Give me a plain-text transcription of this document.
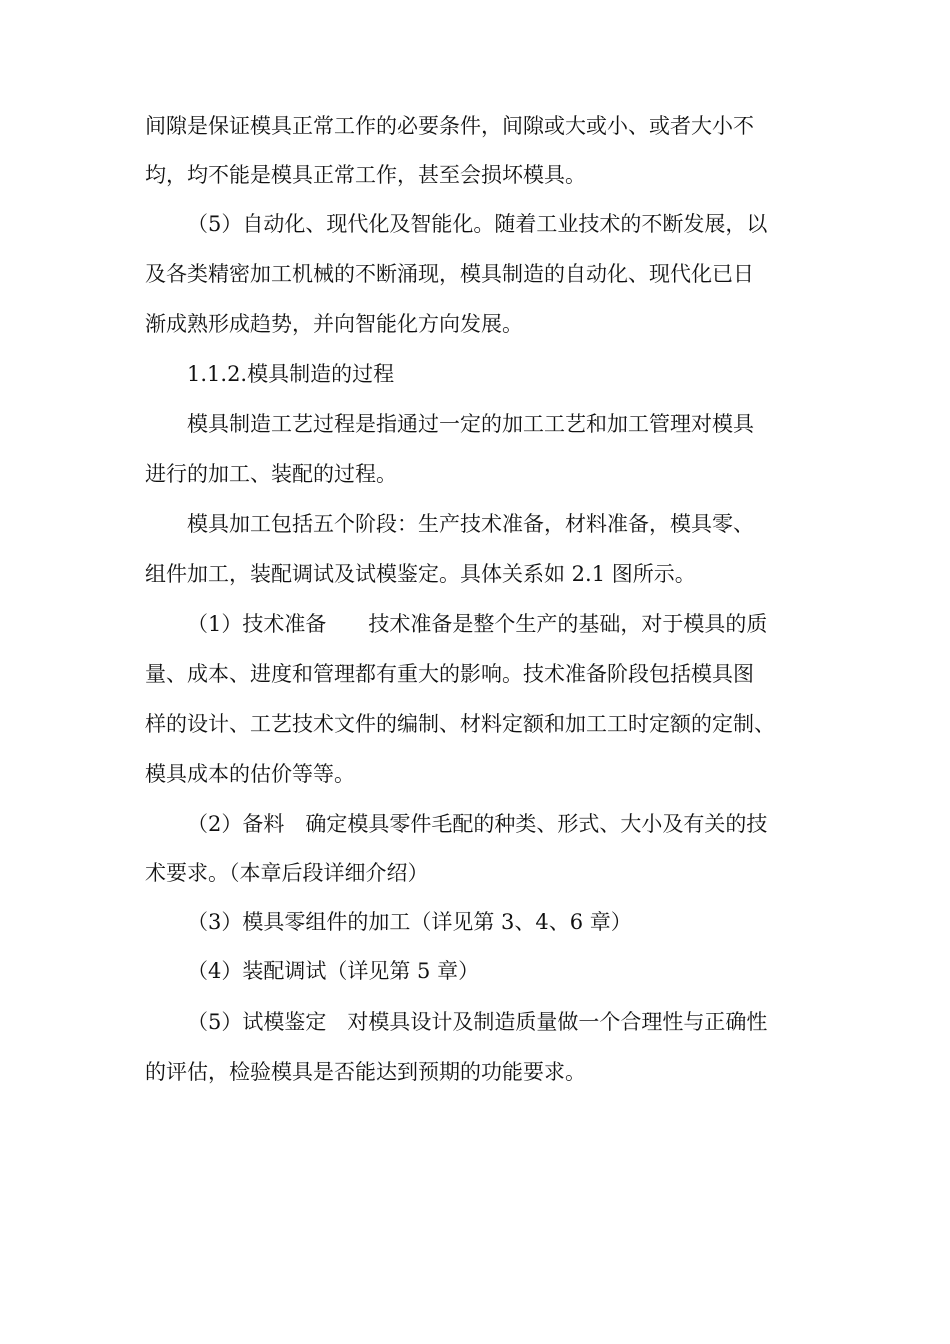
间隙是保证模具正常工作的必要条件，间隙或大或小、或者大小不
均，均不能是模具正常工作，甚至会损坏模具。
（5）自动化、现代化及智能化。随着工业技术的不断发展，以
及各类精密加工机械的不断涌现，模具制造的自动化、现代化已日
渐成熟形成趋势，并向智能化方向发展。
1.1.2.模具制造的过程
模具制造工艺过程是指通过一定的加工工艺和加工管理对模具
进行的加工、装配的过程。
模具加工包括五个阶段：生产技术准备，材料准备，模具零、
组件加工，装配调试及试模鉴定。具体关系如 2.1 图所示。
（1）技术准备　　技术准备是整个生产的基础，对于模具的质
量、成本、进度和管理都有重大的影响。技术准备阶段包括模具图
样的设计、工艺技术文件的编制、材料定额和加工工时定额的定制、
模具成本的估价等等。
（2）备料　确定模具零件毛配的种类、形式、大小及有关的技
术要求。（本章后段详细介绍）
（3）模具零组件的加工（详见第 3、4、6 章）
（4）装配调试（详见第 5 章）
（5）试模鉴定　对模具设计及制造质量做一个合理性与正确性
的评估，检验模具是否能达到预期的功能要求。
